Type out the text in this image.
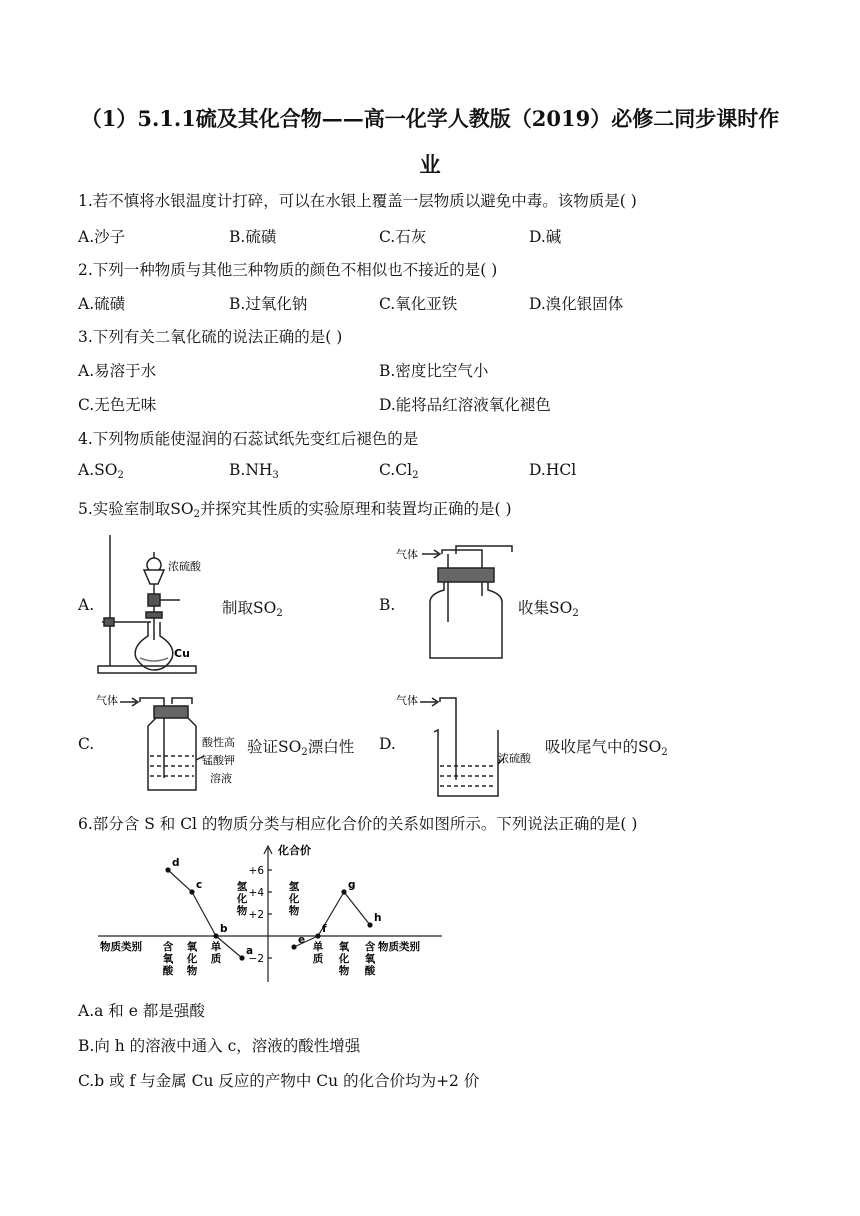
（1）5.1.1硫及其化合物——高一化学人教版（2019）必修二同步课时作
业
1.若不慎将水银温度计打碎，可以在水银上覆盖一层物质以避免中毒。该物质是( )
A.沙子	B.硫磺	C.石灰	D.碱
2.下列一种物质与其他三种物质的颜色不相似也不接近的是( )
A.硫磺	B.过氧化钠	C.氧化亚铁	D.溴化银固体
3.下列有关二氧化硫的说法正确的是( )
A.易溶于水	B.密度比空气小
C.无色无味	D.能将品红溶液氧化褪色
4.下列物质能使湿润的石蕊试纸先变红后褪色的是
$A.SO_2$	$B.NH_3$	$C.Cl_2$	D.HCl
5.实验室制取$SO_2$并探究其性质的实验原理和装置均正确的是( )
A.
浓硫酸
Cu
制取$SO_2$	B.
气体
收集$SO_2$
C.
气体
酸性高
锰酸钾
溶液
验证$SO_2$漂白性 D.
气体
浓硫酸
吸收尾气中的$SO_2$
6.部分含 S 和 Cl 的物质分类与相应化合价的关系如图所示。下列说法正确的是( )
化合价
物质类别	物质类别
+6
+4
+2
−2
氢
化
物
氢
化
物
含
氧
酸
氧
化
物
单
质
单
质
氧
化
物
含
氧
酸
d
c
b
a
e
f
g
h
A.a 和 e 都是强酸
B.向 h 的溶液中通入 c，溶液的酸性增强
C.b 或 f 与金属 Cu 反应的产物中 Cu 的化合价均为+2 价
